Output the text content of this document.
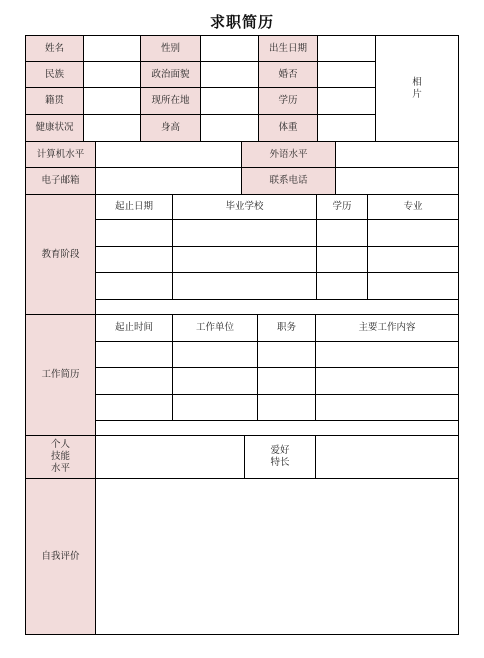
求职简历
姓名	性别	出生日期
民族	政治面貌	婚否
籍贯	现所在地	学历
健康状况	身高	体重
相
片
计算机水平	外语水平
电子邮箱	联系电话
教育阶段
起止日期	毕业学校	学历	专业
工作简历
起止时间	工作单位	职务	主要工作内容
个人
技能
水平
爱好
特长
自我评价
